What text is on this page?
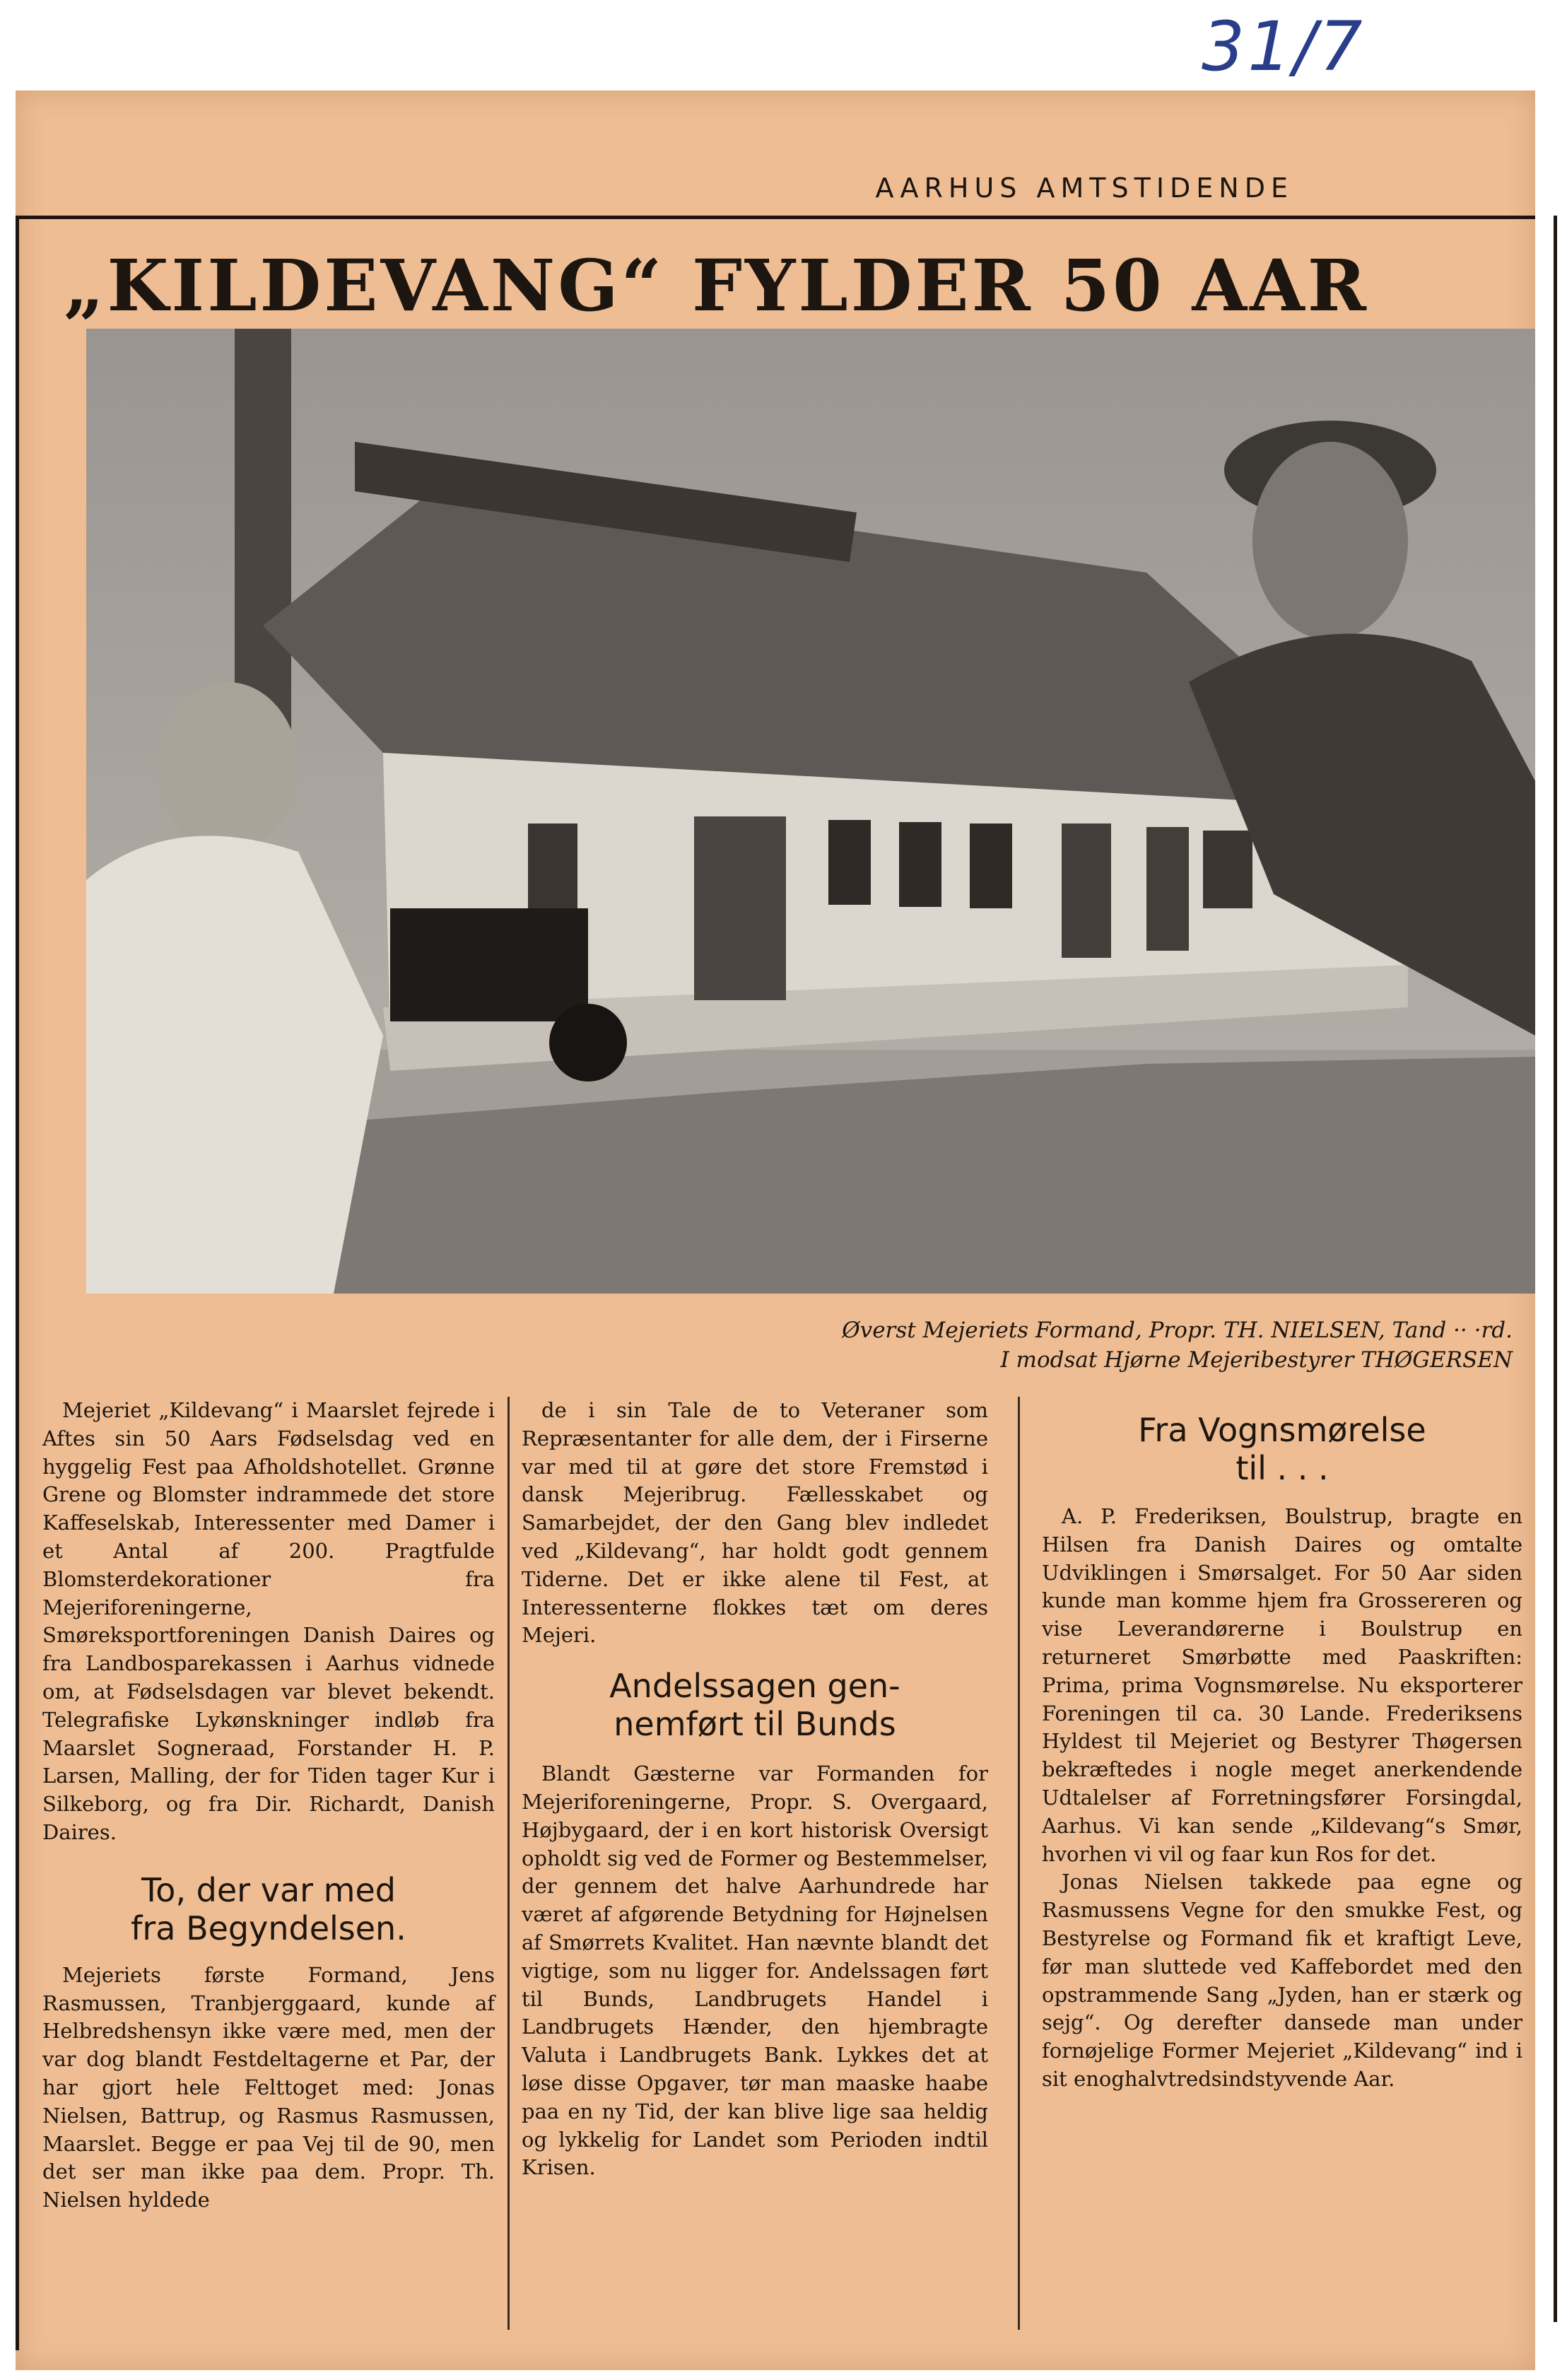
31/7
AARHUS AMTSTIDENDE
„KILDEVANG“ FYLDER 50 AAR
Øverst Mejeriets Formand, Propr. TH. NIELSEN, Tand ·· ·rd.
I modsat Hjørne Mejeribestyrer THØGERSEN

Mejeriet „Kildevang“ i Maarslet fejrede i Aftes sin 50 Aars Fødselsdag ved en hyggelig Fest paa Afholdshotellet. Grønne Grene og Blomster indrammede det store Kaffeselskab, Interessenter med Damer i et Antal af 200. Pragtfulde Blomsterdekorationer fra Mejeriforeningerne, Smøreksportforeningen Danish Daires og fra Landbosparekassen i Aarhus vidnede om, at Fødselsdagen var blevet bekendt. Telegrafiske Lykønskninger indløb fra Maarslet Sogneraad, Forstander H. P. Larsen, Malling, der for Tiden tager Kur i Silkeborg, og fra Dir. Richardt, Danish Daires.

To, der var med
fra Begyndelsen.

Mejeriets første Formand, Jens Rasmussen, Tranbjerggaard, kunde af Helbredshensyn ikke være med, men der var dog blandt Festdeltagerne et Par, der har gjort hele Felttoget med: Jonas Nielsen, Battrup, og Rasmus Rasmussen, Maarslet. Begge er paa Vej til de 90, men det ser man ikke paa dem. Propr. Th. Nielsen hyldede

de i sin Tale de to Veteraner som Repræsentanter for alle dem, der i Firserne var med til at gøre det store Fremstød i dansk Mejeribrug. Fællesskabet og Samarbejdet, der den Gang blev indledet ved „Kildevang“, har holdt godt gennem Tiderne. Det er ikke alene til Fest, at Interessenterne flokkes tæt om deres Mejeri.

Andelssagen gen-
nemført til Bunds

Blandt Gæsterne var Formanden for Mejeriforeningerne, Propr. S. Overgaard, Højbygaard, der i en kort historisk Oversigt opholdt sig ved de Former og Bestemmelser, der gennem det halve Aarhundrede har været af afgørende Betydning for Højnelsen af Smørrets Kvalitet. Han nævnte blandt det vigtige, som nu ligger for. Andelssagen ført til Bunds, Landbrugets Handel i Landbrugets Hænder, den hjembragte Valuta i Landbrugets Bank. Lykkes det at løse disse Opgaver, tør man maaske haabe paa en ny Tid, der kan blive lige saa heldig og lykkelig for Landet som Perioden indtil Krisen.

Fra Vognsmørelse
til . . .

A. P. Frederiksen, Boulstrup, bragte en Hilsen fra Danish Daires og omtalte Udviklingen i Smørsalget. For 50 Aar siden kunde man komme hjem fra Grossereren og vise Leverandørerne i Boulstrup en returneret Smørbøtte med Paaskriften: Prima, prima Vognsmørelse. Nu eksporterer Foreningen til ca. 30 Lande. Frederiksens Hyldest til Mejeriet og Bestyrer Thøgersen bekræftedes i nogle meget anerkendende Udtalelser af Forretningsfører Forsingdal, Aarhus. Vi kan sende „Kildevang“s Smør, hvorhen vi vil og faar kun Ros for det.

Jonas Nielsen takkede paa egne og Rasmussens Vegne for den smukke Fest, og Bestyrelse og Formand fik et kraftigt Leve, før man sluttede ved Kaffebordet med den opstrammende Sang „Jyden, han er stærk og sejg“. Og derefter dansede man under fornøjelige Former Mejeriet „Kildevang“ ind i sit enoghalvtredsindstyvende Aar.
